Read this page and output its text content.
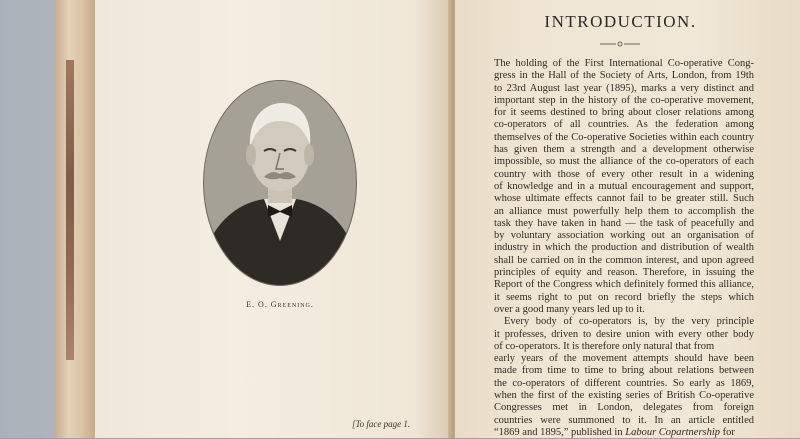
E. O. Greening.
[To face page 1.
INTRODUCTION.
The holding of the First International Co-operative Cong-
gress in the Hall of the Society of Arts, London, from 19th
to 23rd August last year (1895), marks a very distinct and
important step in the history of the co-operative movement,
for it seems destined to bring about closer relations among
co-operators of all countries. As the federation among
themselves of the Co-operative Societies within each country
has given them a strength and a development otherwise
impossible, so must the alliance of the co-operators of each
country with those of every other result in a widening
of knowledge and in a mutual encouragement and support,
whose ultimate effects cannot fail to be greater still. Such
an alliance must powerfully help them to accomplish the
task they have taken in hand — the task of peacefully and
by voluntary association working out an organisation of
industry in which the production and distribution of wealth
shall be carried on in the common interest, and upon agreed
principles of equity and reason. Therefore, in issuing the
Report of the Congress which definitely formed this alliance,
it seems right to put on record briefly the steps which
over a good many years led up to it.
Every body of co-operators is, by the very principle
it professes, driven to desire union with every other body
of co-operators. It is therefore only natural that from
early years of the movement attempts should have been
made from time to time to bring about relations between
the co-operators of different countries. So early as 1869,
when the first of the existing series of British Co-operative
Congresses met in London, delegates from foreign
countries were summoned to it. In an article entitled
“1869 and 1895,” published in Labour Copartnership for
